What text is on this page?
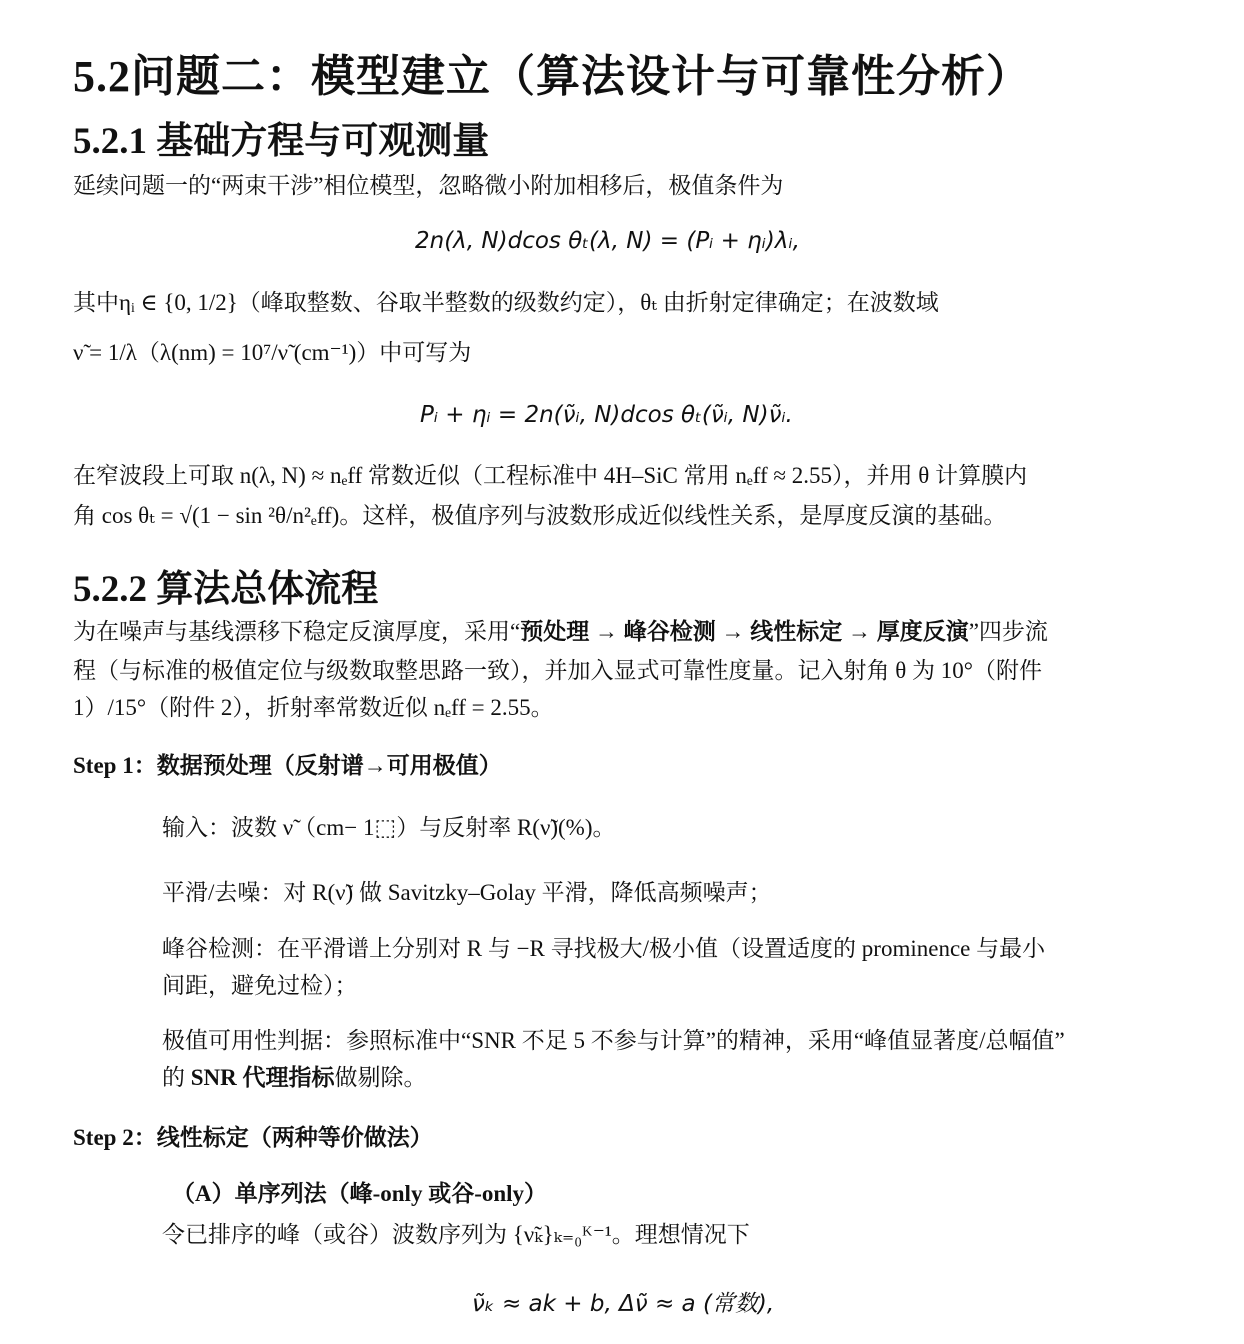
5.2问题二：模型建立（算法设计与可靠性分析）
5.2.1 基础方程与可观测量
延续问题一的“两束干涉”相位模型，忽略微小附加相移后，极值条件为
2n(λ, N)dcos θₜ(λ, N) = (Pᵢ + ηᵢ)λᵢ,
其中ηᵢ ∈ {0, 1/2}（峰取整数、谷取半整数的级数约定），θₜ 由折射定律确定；在波数域
ν̃ = 1/λ（λ(nm) = 10⁷/ν̃ (cm⁻¹)）中可写为
Pᵢ + ηᵢ = 2n(ν̃ᵢ, N)dcos θₜ(ν̃ᵢ, N)ν̃ᵢ.
在窄波段上可取 n(λ, N) ≈ nₑff 常数近似（工程标准中 4H–SiC 常用 nₑff ≈ 2.55），并用 θ 计算膜内
角 cos θₜ = √(1 − sin ²θ/n²ₑff)。这样，极值序列与波数形成近似线性关系，是厚度反演的基础。
5.2.2 算法总体流程
为在噪声与基线漂移下稳定反演厚度，采用“预处理 → 峰谷检测 → 线性标定 → 厚度反演”四步流
程（与标准的极值定位与级数取整思路一致），并加入显式可靠性度量。记入射角 θ 为 10°（附件
1）/15°（附件 2），折射率常数近似 nₑff = 2.55。
Step 1：数据预处理（反射谱→可用极值）
输入：波数 ν̃（cm− 1⬚）与反射率 R(ν̃)(%)。
平滑/去噪：对 R(ν̃) 做 Savitzky–Golay 平滑，降低高频噪声；
峰谷检测：在平滑谱上分别对 R 与 −R 寻找极大/极小值（设置适度的 prominence 与最小
间距，避免过检）；
极值可用性判据：参照标准中“SNR 不足 5 不参与计算”的精神，采用“峰值显著度/总幅值”
的 SNR 代理指标做剔除。
Step 2：线性标定（两种等价做法）
（A）单序列法（峰-only 或谷-only）
令已排序的峰（或谷）波数序列为 {ν̃ₖ}ₖ₌₀ᴷ⁻¹。理想情况下
ν̃ₖ ≈ ak + b, Δν̃ ≈ a (常数),
